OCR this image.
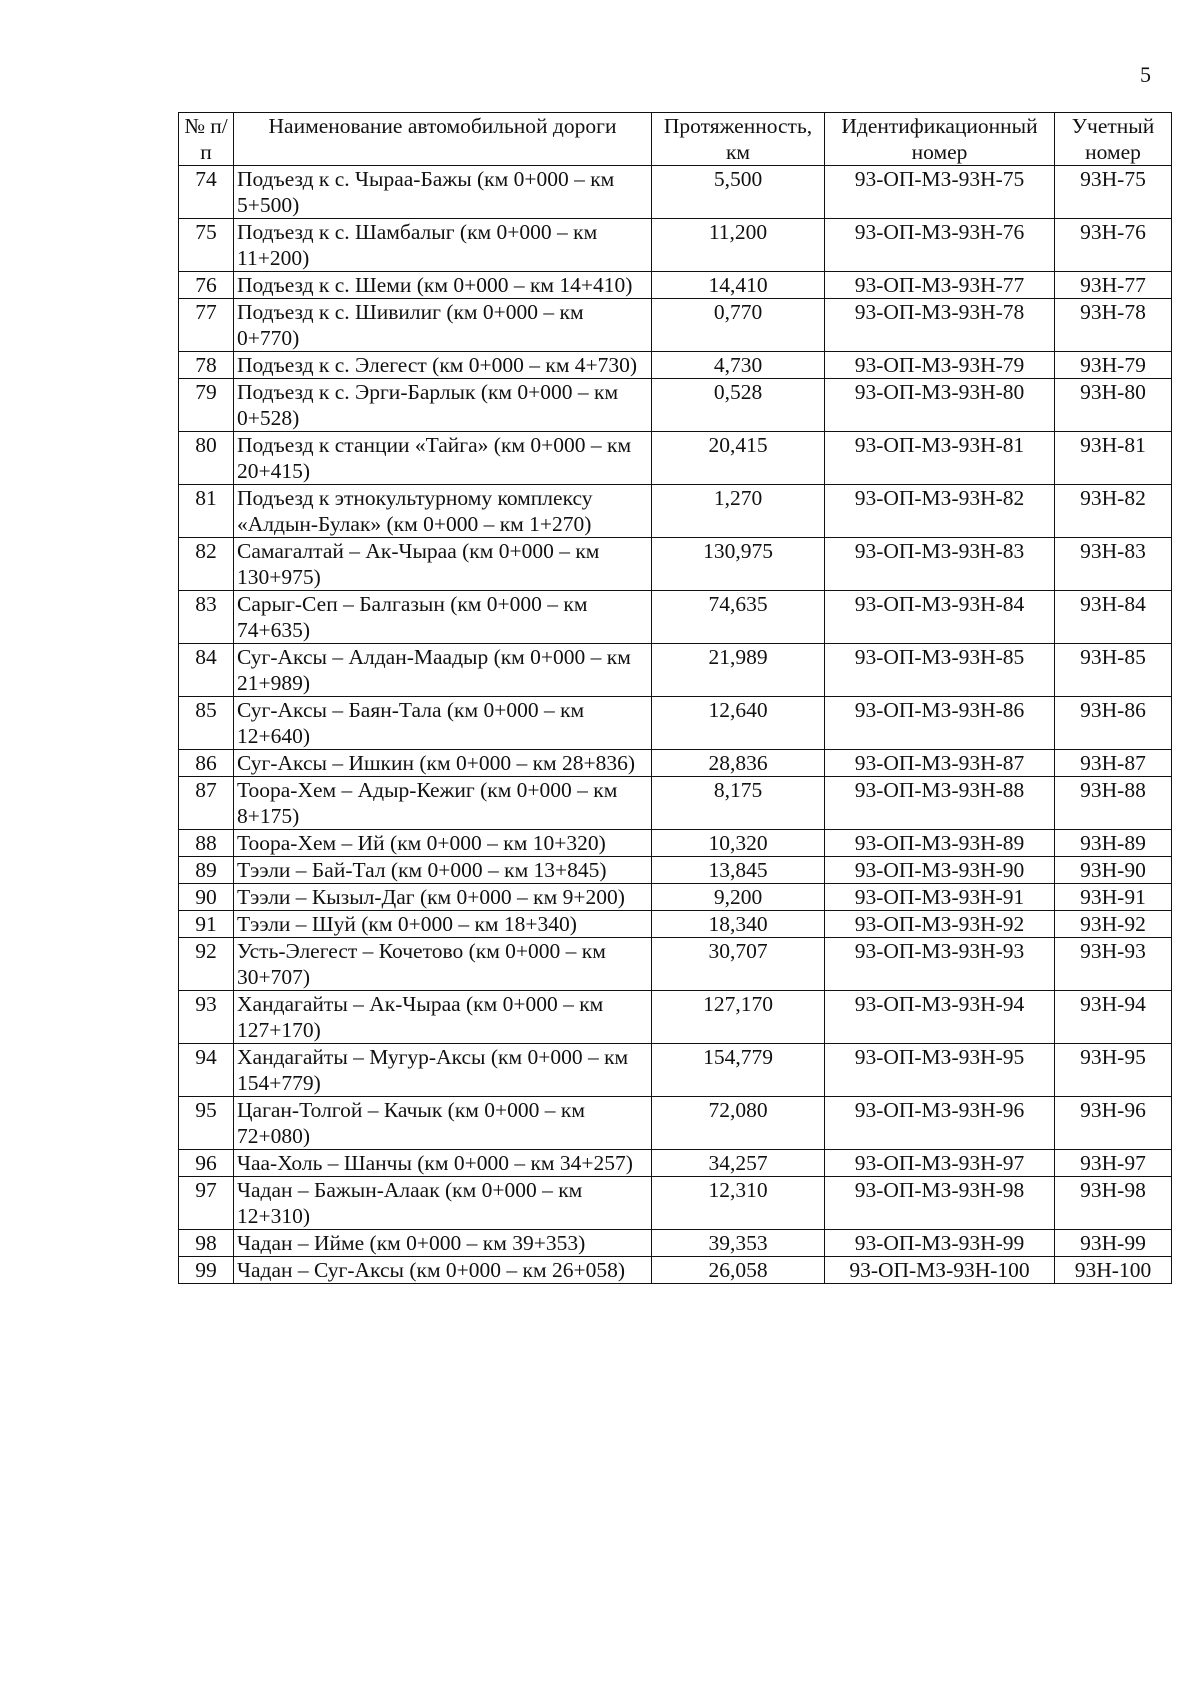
5
№ п/п	Наименование автомобильной дороги	Протяженность, км	Идентификационный номер	Учетный номер
74	Подъезд к с. Чыраа-Бажы (км 0+000 – км 5+500)	5,500	93-ОП-МЗ-93Н-75	93Н-75
75	Подъезд к с. Шамбалыг (км 0+000 – км 11+200)	11,200	93-ОП-МЗ-93Н-76	93Н-76
76	Подъезд к с. Шеми (км 0+000 – км 14+410)	14,410	93-ОП-МЗ-93Н-77	93Н-77
77	Подъезд к с. Шивилиг (км 0+000 – км 0+770)	0,770	93-ОП-МЗ-93Н-78	93Н-78
78	Подъезд к с. Элегест (км 0+000 – км 4+730)	4,730	93-ОП-МЗ-93Н-79	93Н-79
79	Подъезд к с. Эрги-Барлык (км 0+000 – км 0+528)	0,528	93-ОП-МЗ-93Н-80	93Н-80
80	Подъезд к станции «Тайга» (км 0+000 – км 20+415)	20,415	93-ОП-МЗ-93Н-81	93Н-81
81	Подъезд к этнокультурному комплексу «Алдын-Булак» (км 0+000 – км 1+270)	1,270	93-ОП-МЗ-93Н-82	93Н-82
82	Самагалтай – Ак-Чыраа (км 0+000 – км 130+975)	130,975	93-ОП-МЗ-93Н-83	93Н-83
83	Сарыг-Сеп – Балгазын (км 0+000 – км 74+635)	74,635	93-ОП-МЗ-93Н-84	93Н-84
84	Суг-Аксы – Алдан-Маадыр (км 0+000 – км 21+989)	21,989	93-ОП-МЗ-93Н-85	93Н-85
85	Суг-Аксы – Баян-Тала (км 0+000 – км 12+640)	12,640	93-ОП-МЗ-93Н-86	93Н-86
86	Суг-Аксы – Ишкин (км 0+000 – км 28+836)	28,836	93-ОП-МЗ-93Н-87	93Н-87
87	Тоора-Хем – Адыр-Кежиг (км 0+000 – км 8+175)	8,175	93-ОП-МЗ-93Н-88	93Н-88
88	Тоора-Хем – Ий (км 0+000 – км 10+320)	10,320	93-ОП-МЗ-93Н-89	93Н-89
89	Тээли – Бай-Тал (км 0+000 – км 13+845)	13,845	93-ОП-МЗ-93Н-90	93Н-90
90	Тээли – Кызыл-Даг (км 0+000 – км 9+200)	9,200	93-ОП-МЗ-93Н-91	93Н-91
91	Тээли – Шуй (км 0+000 – км 18+340)	18,340	93-ОП-МЗ-93Н-92	93Н-92
92	Усть-Элегест – Кочетово (км 0+000 – км 30+707)	30,707	93-ОП-МЗ-93Н-93	93Н-93
93	Хандагайты – Ак-Чыраа (км 0+000 – км 127+170)	127,170	93-ОП-МЗ-93Н-94	93Н-94
94	Хандагайты – Мугур-Аксы (км 0+000 – км 154+779)	154,779	93-ОП-МЗ-93Н-95	93Н-95
95	Цаган-Толгой – Качык (км 0+000 – км 72+080)	72,080	93-ОП-МЗ-93Н-96	93Н-96
96	Чаа-Холь – Шанчы (км 0+000 – км 34+257)	34,257	93-ОП-МЗ-93Н-97	93Н-97
97	Чадан – Бажын-Алаак (км 0+000 – км 12+310)	12,310	93-ОП-МЗ-93Н-98	93Н-98
98	Чадан – Ийме (км 0+000 – км 39+353)	39,353	93-ОП-МЗ-93Н-99	93Н-99
99	Чадан – Суг-Аксы (км 0+000 – км 26+058)	26,058	93-ОП-МЗ-93Н-100	93Н-100
